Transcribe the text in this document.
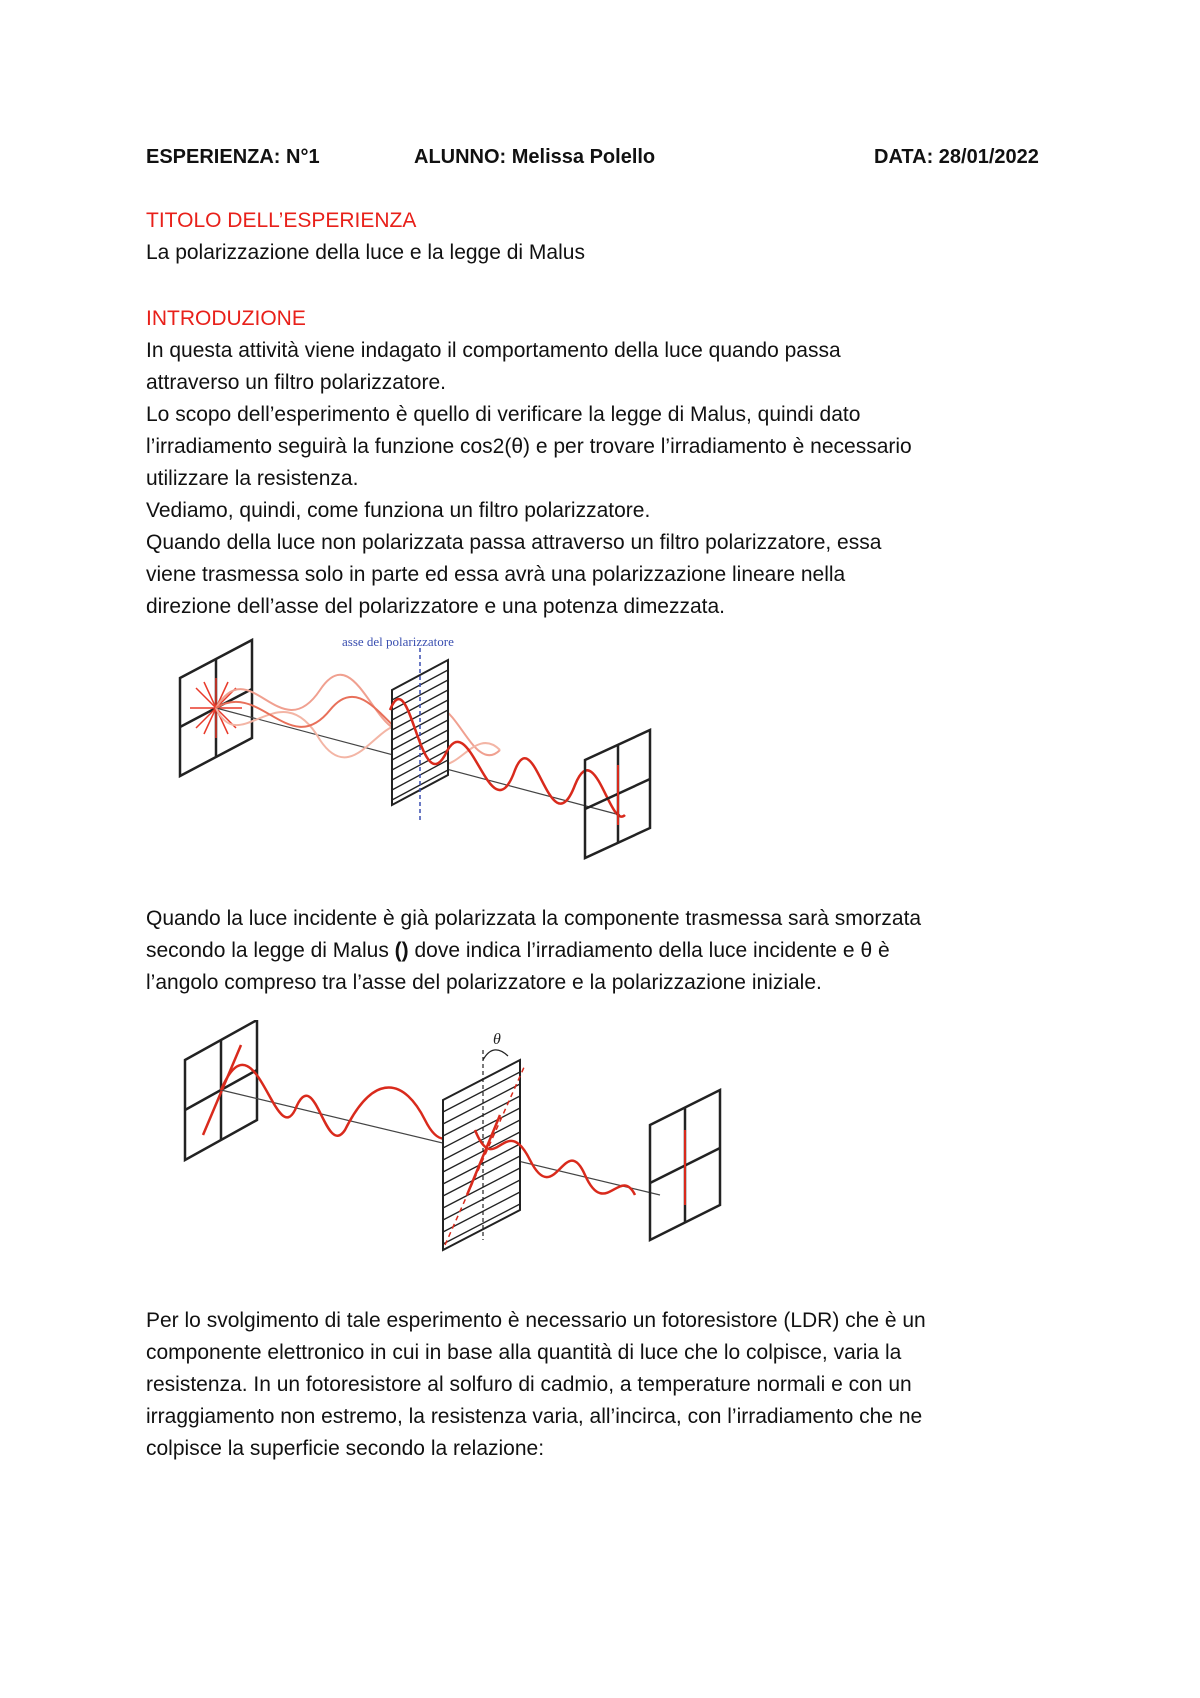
ESPERIENZA: N°1	ALUNNO: Melissa Polello	DATA: 28/01/2022
TITOLO DELL’ESPERIENZA
La polarizzazione della luce e la legge di Malus
INTRODUZIONE
In questa attività viene indagato il comportamento della luce quando passa
attraverso un filtro polarizzatore.
Lo scopo dell’esperimento è quello di verificare la legge di Malus, quindi dato
l’irradiamento seguirà la funzione cos2(θ) e per trovare l’irradiamento è necessario
utilizzare la resistenza.
Vediamo, quindi, come funziona un filtro polarizzatore.
Quando della luce non polarizzata passa attraverso un filtro polarizzatore, essa
viene trasmessa solo in parte ed essa avrà una polarizzazione lineare nella
direzione dell’asse del polarizzatore e una potenza dimezzata.
asse del polarizzatore
Quando la luce incidente è già polarizzata la componente trasmessa sarà smorzata
secondo la legge di Malus () dove indica l’irradiamento della luce incidente e θ è
l’angolo compreso tra l’asse del polarizzatore e la polarizzazione iniziale.
θ
Per lo svolgimento di tale esperimento è necessario un fotoresistore (LDR) che è un
componente elettronico in cui in base alla quantità di luce che lo colpisce, varia la
resistenza. In un fotoresistore al solfuro di cadmio, a temperature normali e con un
irraggiamento non estremo, la resistenza varia, all’incirca, con l’irradiamento che ne
colpisce la superficie secondo la relazione:
